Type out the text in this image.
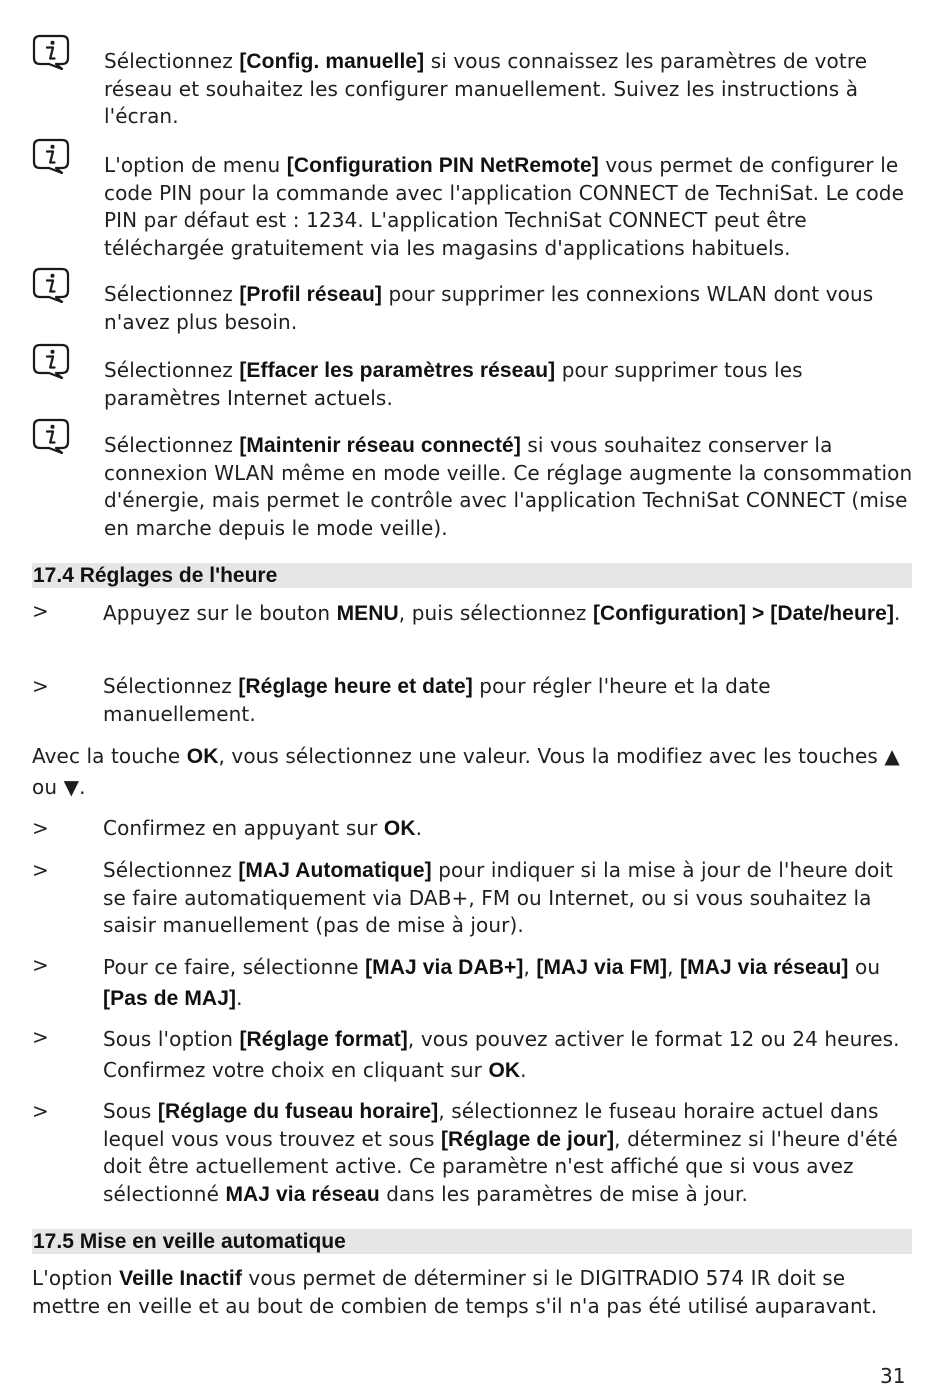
Sélectionnez [Config. manuelle] si vous connaissez les paramètres de votre réseau et souhaitez les configurer manuellement. Suivez les instructions à l'écran.

L'option de menu [Configuration PIN NetRemote] vous permet de configurer le code PIN pour la commande avec l'application CONNECT de TechniSat. Le code PIN par défaut est : 1234. L'application TechniSat CONNECT peut être téléchargée gratuitement via les magasins d'applications habituels.

Sélectionnez [Profil réseau] pour supprimer les connexions WLAN dont vous n'avez plus besoin.

Sélectionnez [Effacer les paramètres réseau] pour supprimer tous les paramètres Internet actuels.

Sélectionnez [Maintenir réseau connecté] si vous souhaitez conserver la connexion WLAN même en mode veille. Ce réglage augmente la consommation d'énergie, mais permet le contrôle avec l'application TechniSat CONNECT (mise en marche depuis le mode veille).

17.4 Réglages de l'heure
>	Appuyez sur le bouton MENU, puis sélectionnez [Configuration] > [Date/heure].

>	Sélectionnez [Réglage heure et date] pour régler l'heure et la date manuellement.

Avec la touche OK, vous sélectionnez une valeur. Vous la modifiez avec les touches ▲ ou ▼.

>	Confirmez en appuyant sur OK.

>	Sélectionnez [MAJ Automatique] pour indiquer si la mise à jour de l'heure doit se faire automatiquement via DAB+, FM ou Internet, ou si vous souhaitez la saisir manuellement (pas de mise à jour).

>	Pour ce faire, sélectionne [MAJ via DAB+], [MAJ via FM], [MAJ via réseau] ou [Pas de MAJ].

>	Sous l'option [Réglage format], vous pouvez activer le format 12 ou 24 heures. Confirmez votre choix en cliquant sur OK.

>	Sous [Réglage du fuseau horaire], sélectionnez le fuseau horaire actuel dans lequel vous vous trouvez et sous [Réglage de jour], déterminez si l'heure d'été doit être actuellement active. Ce paramètre n'est affiché que si vous avez sélectionné MAJ via réseau dans les paramètres de mise à jour.

17.5 Mise en veille automatique

L'option Veille Inactif vous permet de déterminer si le DIGITRADIO 574 IR doit se mettre en veille et au bout de combien de temps s'il n'a pas été utilisé auparavant.

31
